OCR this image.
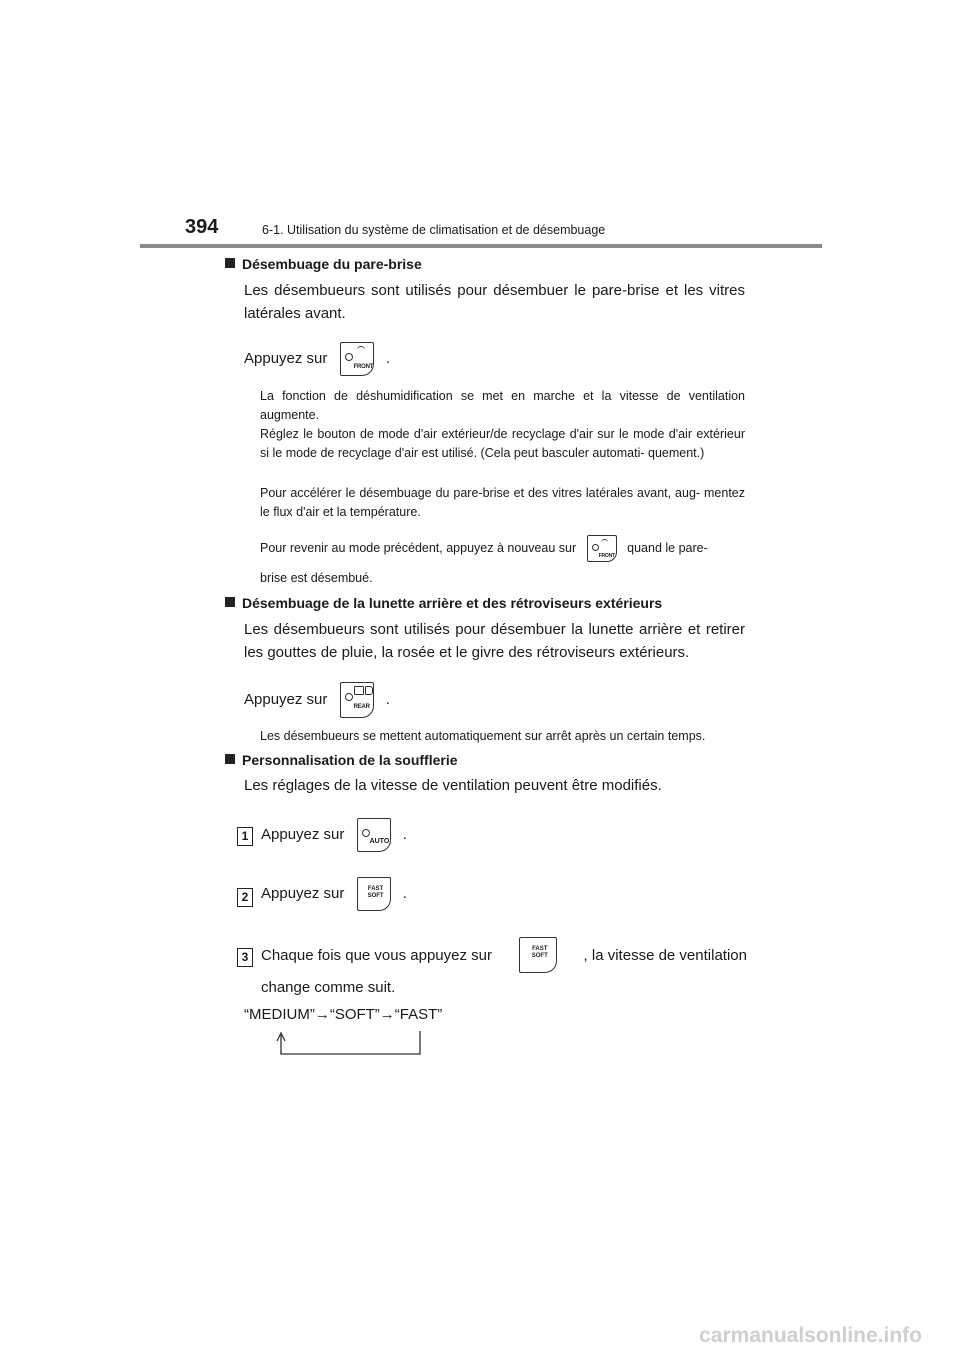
394	6-1. Utilisation du système de climatisation et de désembuage
Désembuage du pare-brise
Les désembueurs sont utilisés pour désembuer le pare-brise et les vitres latérales avant.
Appuyez sur
FRONT
.
La fonction de déshumidification se met en marche et la vitesse de ventilation augmente.
Réglez le bouton de mode d'air extérieur/de recyclage d'air sur le mode d'air extérieur si le mode de recyclage d'air est utilisé. (Cela peut basculer automati- quement.)
Pour accélérer le désembuage du pare-brise et des vitres latérales avant, aug- mentez le flux d'air et la température.
Pour revenir au mode précédent, appuyez à nouveau sur
FRONT
quand le pare-
brise est désembué.
Désembuage de la lunette arrière et des rétroviseurs extérieurs
Les désembueurs sont utilisés pour désembuer la lunette arrière et retirer les gouttes de pluie, la rosée et le givre des rétroviseurs extérieurs.
Appuyez sur	REAR .
Les désembueurs se mettent automatiquement sur arrêt après un certain temps.
Personnalisation de la soufflerie
Les réglages de la vitesse de ventilation peuvent être modifiés.
1 Appuyez sur	AUTO .
2 Appuyez sur	FAST
SOFT .
3 Chaque fois que vous appuyez sur	FAST
SOFT , la vitesse de ventilation
change comme suit.
“MEDIUM”→“SOFT”→“FAST”
carmanualsonline.info
